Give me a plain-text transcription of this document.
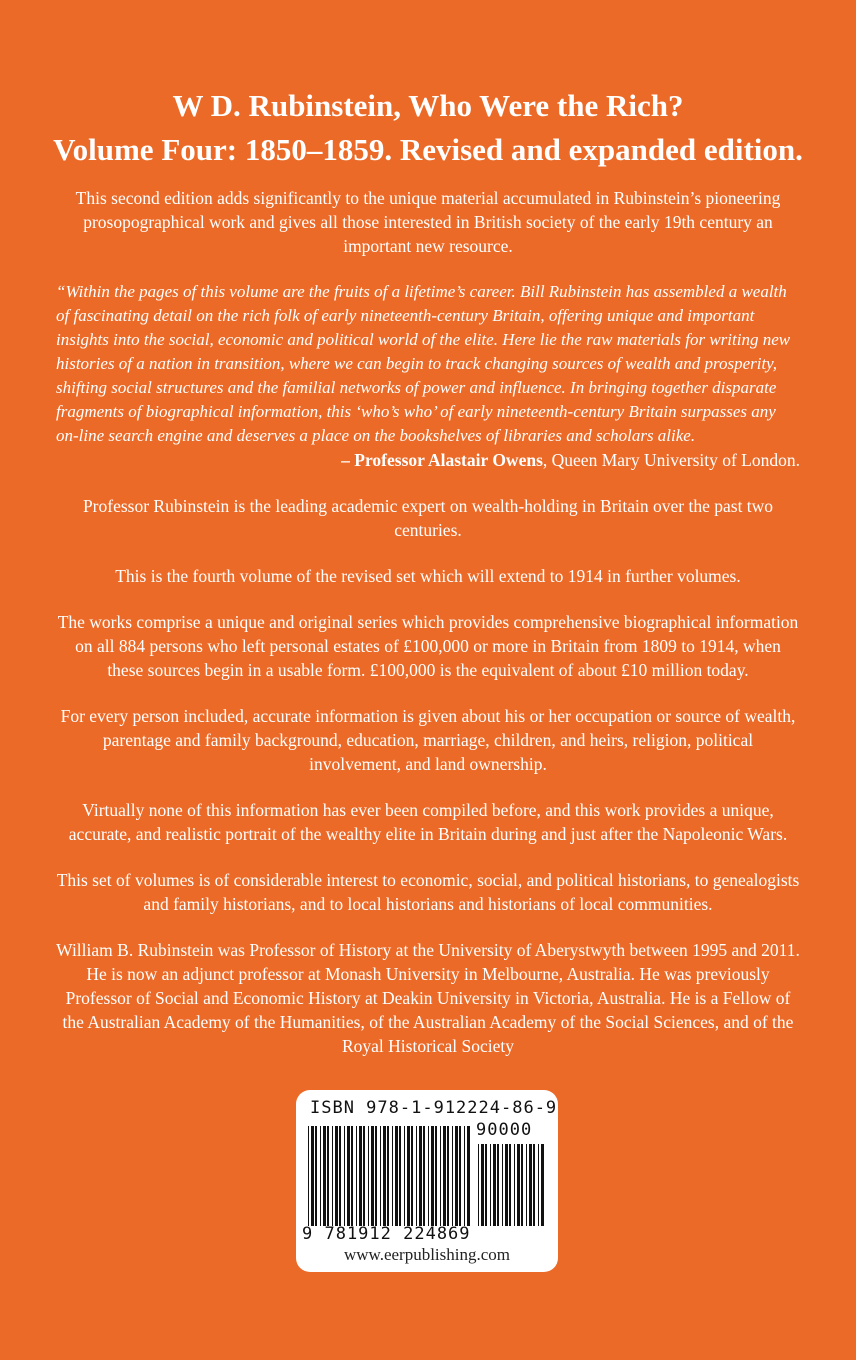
W D. Rubinstein, Who Were the Rich?
Volume Four: 1850–1859. Revised and expanded edition.

This second edition adds significantly to the unique material accumulated in Rubinstein’s pioneering prosopographical work and gives all those interested in British society of the early 19th century an important new resource.

“Within the pages of this volume are the fruits of a lifetime’s career. Bill Rubinstein has assembled a wealth of fascinating detail on the rich folk of early nineteenth-century Britain, offering unique and important insights into the social, economic and political world of the elite. Here lie the raw materials for writing new histories of a nation in transition, where we can begin to track changing sources of wealth and prosperity, shifting social structures and the familial networks of power and influence. In bringing together disparate fragments of biographical information, this ‘who’s who’ of early nineteenth-century Britain surpasses any on-line search engine and deserves a place on the bookshelves of libraries and scholars alike.

– Professor Alastair Owens, Queen Mary University of London.

Professor Rubinstein is the leading academic expert on wealth-holding in Britain over the past two centuries.

This is the fourth volume of the revised set which will extend to 1914 in further volumes.

The works comprise a unique and original series which provides comprehensive biographical information on all 884 persons who left personal estates of £100,000 or more in Britain from 1809 to 1914, when these sources begin in a usable form. £100,000 is the equivalent of about £10 million today.

For every person included, accurate information is given about his or her occupation or source of wealth, parentage and family background, education, marriage, children, and heirs, religion, political involvement, and land ownership.

Virtually none of this information has ever been compiled before, and this work provides a unique, accurate, and realistic portrait of the wealthy elite in Britain during and just after the Napoleonic Wars.

This set of volumes is of considerable interest to economic, social, and political historians, to genealogists and family historians, and to local historians and historians of local communities.

William B. Rubinstein was Professor of History at the University of Aberystwyth between 1995 and 2011. He is now an adjunct professor at Monash University in Melbourne, Australia. He was previously Professor of Social and Economic History at Deakin University in Victoria, Australia. He is a Fellow of the Australian Academy of the Humanities, of the Australian Academy of the Social Sciences, and of the Royal Historical Society

ISBN 978-1-912224-86-9
90000
9 781912 224869
www.eerpublishing.com
